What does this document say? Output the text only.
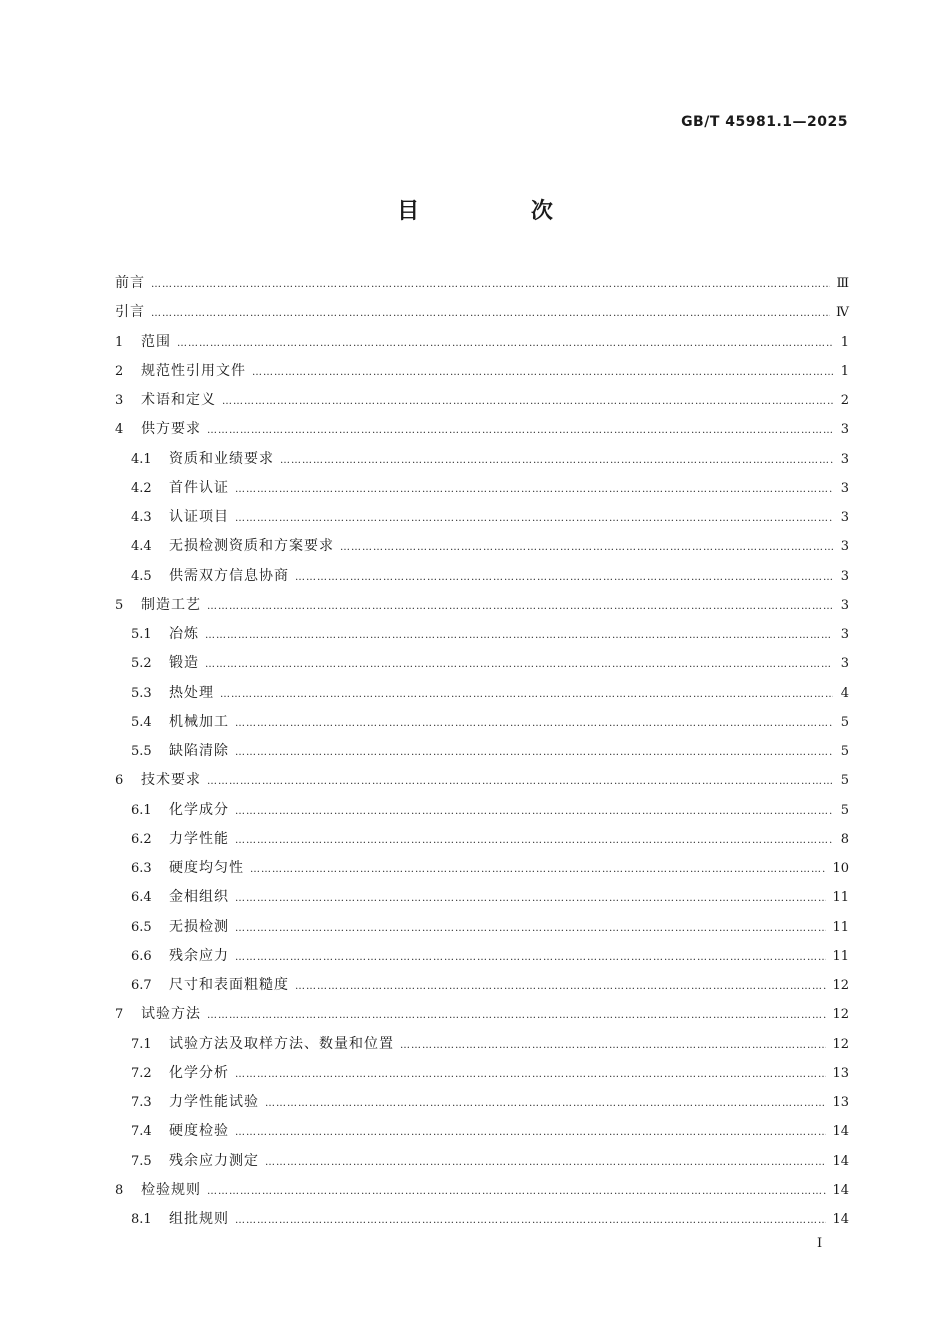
GB/T 45981.1—2025
目 次
前言 …………………………………………………………………………………………………………………………………………………………………………………………………………………………	Ⅲ
引言 …………………………………………………………………………………………………………………………………………………………………………………………………………………………	Ⅳ
1	范围 …………………………………………………………………………………………………………………………………………………………………………………………………………………………	1
2	规范性引用文件 …………………………………………………………………………………………………………………………………………………………………………………………………………………………	1
3	术语和定义 …………………………………………………………………………………………………………………………………………………………………………………………………………………………	2
4	供方要求 …………………………………………………………………………………………………………………………………………………………………………………………………………………………	3
4.1	资质和业绩要求 …………………………………………………………………………………………………………………………………………………………………………………………………………………………	3
4.2	首件认证 …………………………………………………………………………………………………………………………………………………………………………………………………………………………	3
4.3	认证项目 …………………………………………………………………………………………………………………………………………………………………………………………………………………………	3
4.4	无损检测资质和方案要求 …………………………………………………………………………………………………………………………………………………………………………………………………………………………	3
4.5	供需双方信息协商 …………………………………………………………………………………………………………………………………………………………………………………………………………………………	3
5	制造工艺 …………………………………………………………………………………………………………………………………………………………………………………………………………………………	3
5.1	冶炼 …………………………………………………………………………………………………………………………………………………………………………………………………………………………	3
5.2	锻造 …………………………………………………………………………………………………………………………………………………………………………………………………………………………	3
5.3	热处理 …………………………………………………………………………………………………………………………………………………………………………………………………………………………	4
5.4	机械加工 …………………………………………………………………………………………………………………………………………………………………………………………………………………………	5
5.5	缺陷清除 …………………………………………………………………………………………………………………………………………………………………………………………………………………………	5
6	技术要求 …………………………………………………………………………………………………………………………………………………………………………………………………………………………	5
6.1	化学成分 …………………………………………………………………………………………………………………………………………………………………………………………………………………………	5
6.2	力学性能 …………………………………………………………………………………………………………………………………………………………………………………………………………………………	8
6.3	硬度均匀性 …………………………………………………………………………………………………………………………………………………………………………………………………………………………	10
6.4	金相组织 …………………………………………………………………………………………………………………………………………………………………………………………………………………………	11
6.5	无损检测 …………………………………………………………………………………………………………………………………………………………………………………………………………………………	11
6.6	残余应力 …………………………………………………………………………………………………………………………………………………………………………………………………………………………	11
6.7	尺寸和表面粗糙度 …………………………………………………………………………………………………………………………………………………………………………………………………………………………	12
7	试验方法 …………………………………………………………………………………………………………………………………………………………………………………………………………………………	12
7.1	试验方法及取样方法、数量和位置 …………………………………………………………………………………………………………………………………………………………………………………………………………………………	12
7.2	化学分析 …………………………………………………………………………………………………………………………………………………………………………………………………………………………	13
7.3	力学性能试验 …………………………………………………………………………………………………………………………………………………………………………………………………………………………	13
7.4	硬度检验 …………………………………………………………………………………………………………………………………………………………………………………………………………………………	14
7.5	残余应力测定 …………………………………………………………………………………………………………………………………………………………………………………………………………………………	14
8	检验规则 …………………………………………………………………………………………………………………………………………………………………………………………………………………………	14
8.1	组批规则 …………………………………………………………………………………………………………………………………………………………………………………………………………………………	14
I
